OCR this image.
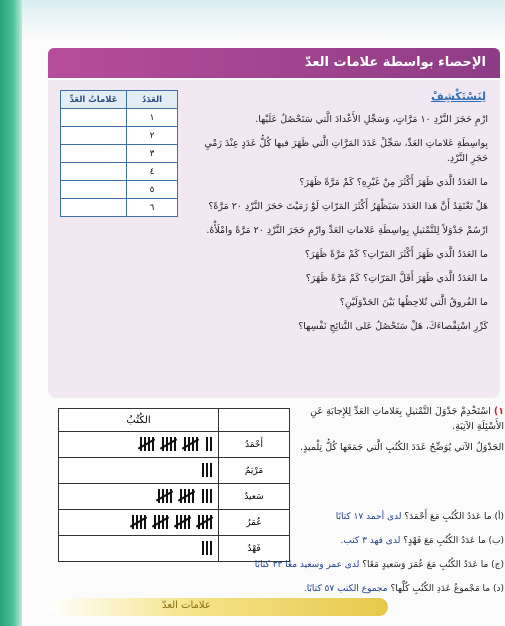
الإحصاء بواسطة علامات العدّ
لِنَسْتَكْشِفْ
العَدَدُ	عَلاماتُ العَدِّ
١	
٢	
٣	
٤	
٥	
٦	

ارْمِ حَجَرَ النَّرْدِ ١٠ مَرَّاتٍ، وَسَجِّلِ الأَعْدادَ الَّتي سَتَحْصُلُ عَلَيْها.

بِواسِطَةِ عَلاماتِ العَدِّ، سَجِّلْ عَدَدَ المَرَّاتِ الَّتي ظَهَرَ فيها كُلُّ عَدَدٍ عِنْدَ رَمْيِ حَجَرِ النَّرْدِ.

ما العَدَدُ الَّذي ظَهَرَ أَكْثَرَ مِنْ غَيْرِهِ؟ كَمْ مَرَّةً ظَهَرَ؟

هَلْ تَعْتَقِدُ أَنَّ هَذا العَدَدَ سَيَظْهَرُ أَكْثَرَ المَرّاتِ لَوْ رَمَيْتَ حَجَرَ النَّرْدِ ٢٠ مَرَّةً؟

ارْسُمْ جَدْوَلاً لِلتَّمْثيلِ بِواسِطَةِ عَلاماتِ العَدِّ وارْمِ حَجَرَ النَّرْدِ ٢٠ مَرَّةً وامْلَأْهُ.

ما العَدَدُ الَّذي ظَهَرَ أَكْثَرَ المَرّاتِ؟ كَمْ مَرَّةً ظَهَرَ؟

ما العَدَدُ الَّذي ظَهَرَ أَقَلَّ المَرّاتِ؟ كَمْ مَرَّةً ظَهَرَ؟

ما الفُروقُ الَّتي تُلاحِظُها بَيْنَ الجَدْوَلَيْنِ؟

كَرِّرِ اسْتِقْصاءَكَ، هَلْ سَتَحْصُلُ عَلى النَّتائِجِ نَفْسِها؟

	الكُتُبُ
أَحْمَدُ	

مَرْيَمُ	

سَعيدٌ	

عُمَرُ	

فَهْدٌ	

١) اسْتَخْدِمْ جَدْوَلَ التَّمْثيلِ بِعَلاماتِ العَدِّ لِلإِجابَةِ عَنِ الأَسْئِلَةِ الآتِيَةِ.

الجَدْوَلُ الآتي يُوَضِّحُ عَدَدَ الكُتُبِ الَّتي جَمَعَها كُلُّ تِلْميذٍ.

(أ) ما عَدَدُ الكُتُبِ مَعَ أَحْمَدَ؟ لدى أحمد ١٧ كتابًا

(ب) ما عَدَدُ الكُتُبِ مَعَ فَهْدٍ؟ لدى فهد ٣ كتب.

(ج) ما عَدَدُ الكُتُبِ مَعَ عُمَرَ وَسَعيدٍ مَعًا؟ لدى عمر وسعيد معًا ٣٣ كتابًا

(د) ما مَجْموعُ عَدَدِ الكُتُبِ كُلِّها؟ مجموع الكتب ٥٧ كتابًا.

علامات العدّ
